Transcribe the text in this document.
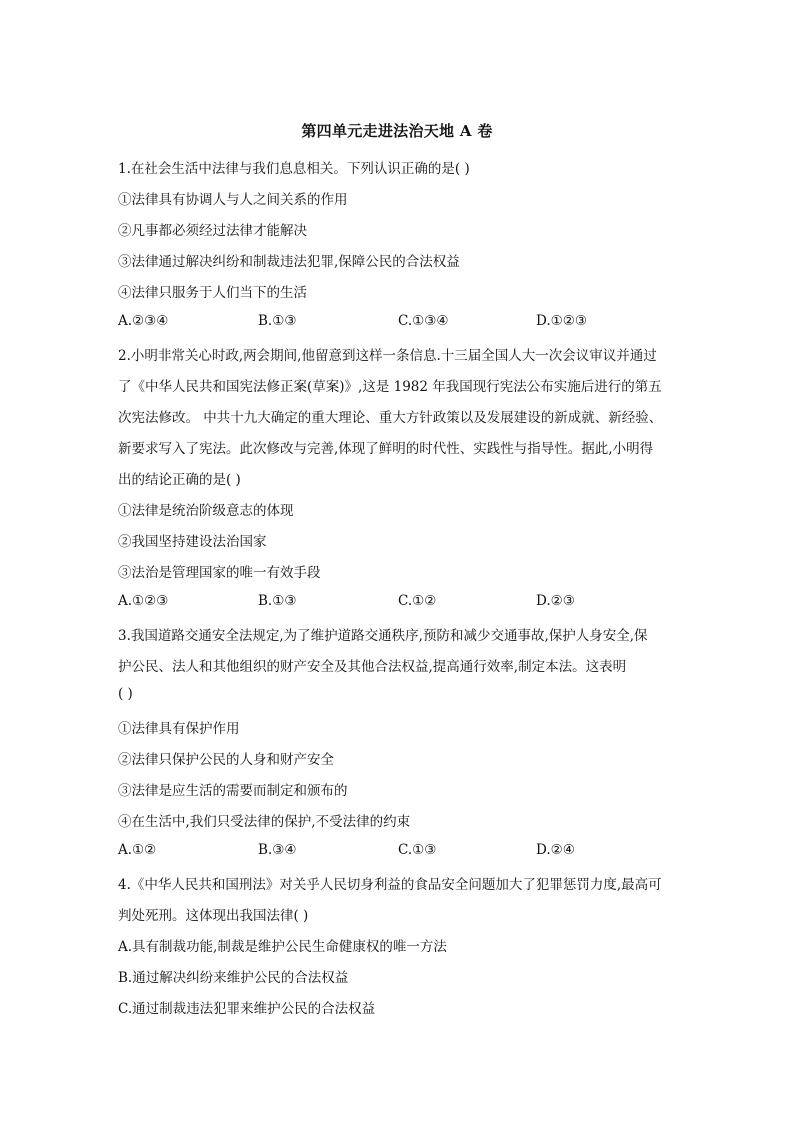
第四单元走进法治天地 A 卷
1.在社会生活中法律与我们息息相关。下列认识正确的是( )
①法律具有协调人与人之间关系的作用
②凡事都必须经过法律才能解决
③法律通过解决纠纷和制裁违法犯罪,保障公民的合法权益
④法律只服务于人们当下的生活
A.②③④	B.①③	C.①③④	D.①②③
2.小明非常关心时政,两会期间,他留意到这样一条信息.十三届全国人大一次会议审议并通过
了《中华人民共和国宪法修正案(草案)》,这是 1982 年我国现行宪法公布实施后进行的第五
次宪法修改。 中共十九大确定的重大理论、重大方针政策以及发展建设的新成就、新经验、
新要求写入了宪法。此次修改与完善,体现了鲜明的时代性、实践性与指导性。据此,小明得
出的结论正确的是( )
①法律是统治阶级意志的体现
②我国坚持建设法治国家
③法治是管理国家的唯一有效手段
A.①②③	B.①③	C.①②	D.②③
3.我国道路交通安全法规定,为了维护道路交通秩序,预防和减少交通事故,保护人身安全,保
护公民、法人和其他组织的财产安全及其他合法权益,提高通行效率,制定本法。这表明
( )
①法律具有保护作用
②法律只保护公民的人身和财产安全
③法律是应生活的需要而制定和颁布的
④在生活中,我们只受法律的保护,不受法律的约束
A.①②	B.③④	C.①③	D.②④
4.《中华人民共和国刑法》对关乎人民切身利益的食品安全问题加大了犯罪惩罚力度,最高可
判处死刑。这体现出我国法律( )
A.具有制裁功能,制裁是维护公民生命健康权的唯一方法
B.通过解决纠纷来维护公民的合法权益
C.通过制裁违法犯罪来维护公民的合法权益
